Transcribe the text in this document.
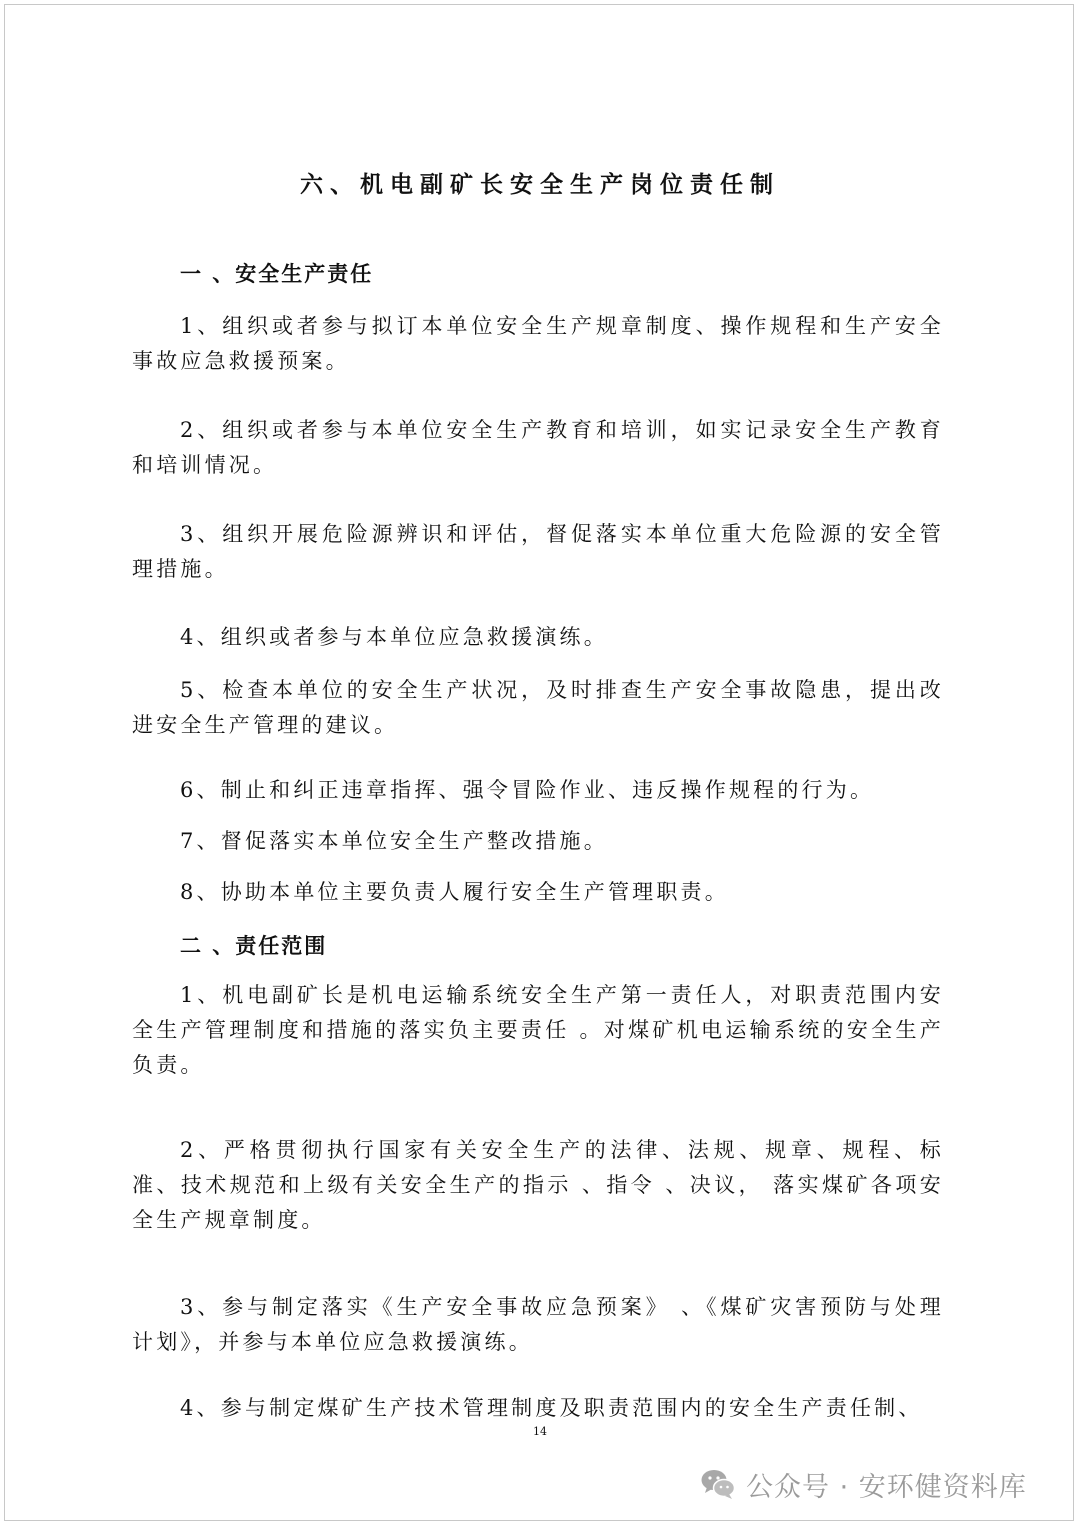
六、机电副矿长安全生产岗位责任制
一 、安全生产责任
1、组织或者参与拟订本单位安全生产规章制度、操作规程和生产安全事故应急救援预案。
2、组织或者参与本单位安全生产教育和培训，如实记录安全生产教育和培训情况。
3、组织开展危险源辨识和评估，督促落实本单位重大危险源的安全管理措施。
4、组织或者参与本单位应急救援演练。
5、检查本单位的安全生产状况，及时排查生产安全事故隐患，提出改进安全生产管理的建议。
6、制止和纠正违章指挥、强令冒险作业、违反操作规程的行为。
7、督促落实本单位安全生产整改措施。
8、协助本单位主要负责人履行安全生产管理职责。
二 、责任范围
1、机电副矿长是机电运输系统安全生产第一责任人，对职责范围内安全生产管理制度和措施的落实负主要责任 。对煤矿机电运输系统的安全生产负责。
2、严格贯彻执行国家有关安全生产的法律、法规、规章、规程、标准、技术规范和上级有关安全生产的指示 、指令 、决议， 落实煤矿各项安全生产规章制度。
3、参与制定落实《生产安全事故应急预案》 、《煤矿灾害预防与处理计划》，并参与本单位应急救援演练。
4、参与制定煤矿生产技术管理制度及职责范围内的安全生产责任制、
14
公众号 · 安环健资料库
